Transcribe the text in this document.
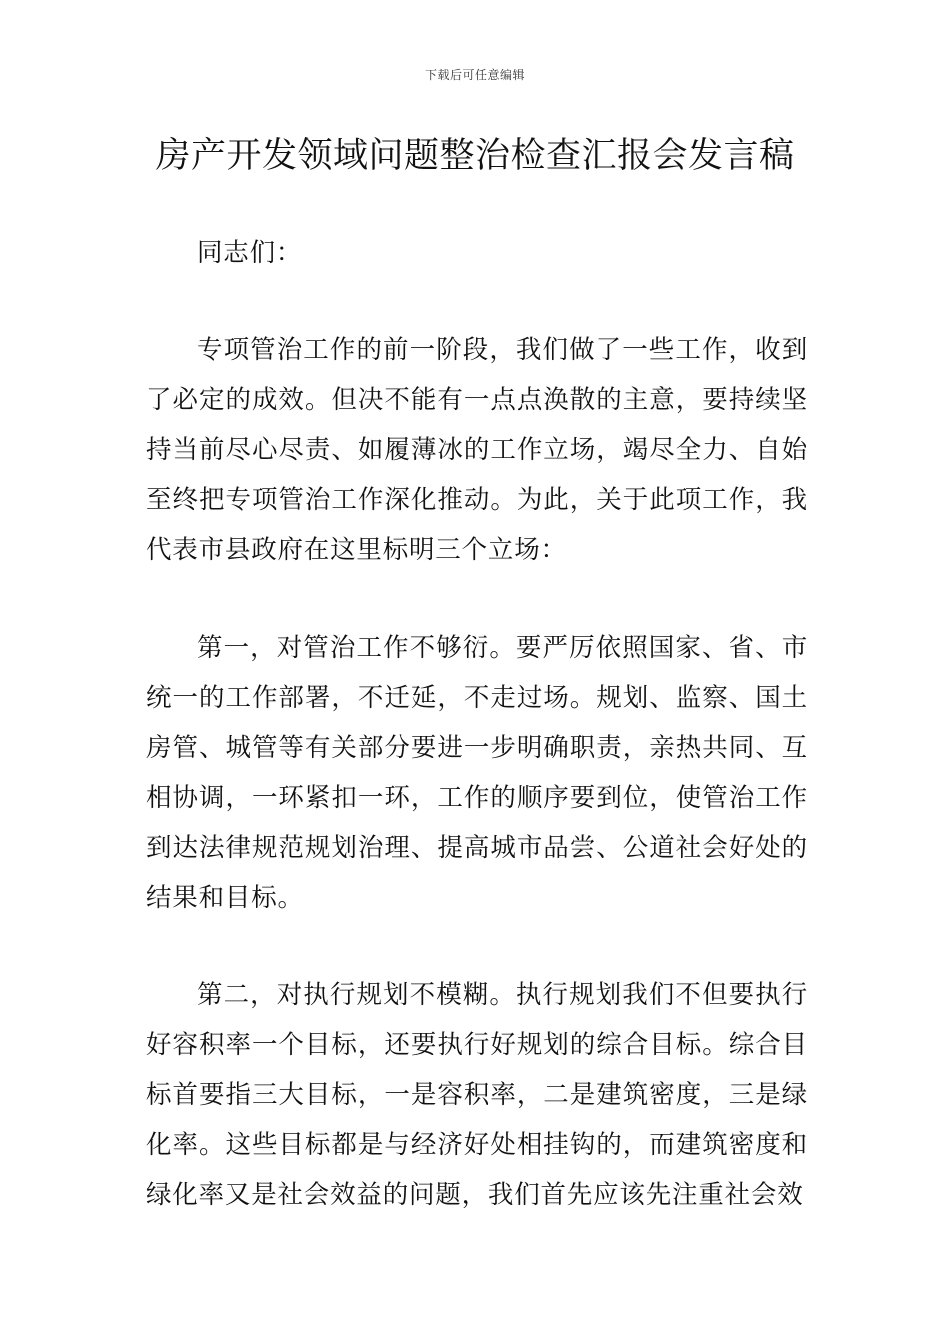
下载后可任意编辑
房产开发领域问题整治检查汇报会发言稿

同志们：

专项管治工作的前一阶段，我们做了一些工作，收到了必定的成效。但决不能有一点点涣散的主意，要持续坚持当前尽心尽责、如履薄冰的工作立场，竭尽全力、自始至终把专项管治工作深化推动。为此，关于此项工作，我代表市县政府在这里标明三个立场：

第一，对管治工作不够衍。要严厉依照国家、省、市统一的工作部署，不迁延，不走过场。规划、监察、国土房管、城管等有关部分要进一步明确职责，亲热共同、互相协调，一环紧扣一环，工作的顺序要到位，使管治工作到达法律规范规划治理、提高城市品尝、公道社会好处的结果和目标。

第二，对执行规划不模糊。执行规划我们不但要执行好容积率一个目标，还要执行好规划的综合目标。综合目标首要指三大目标，一是容积率，二是建筑密度，三是绿化率。这些目标都是与经济好处相挂钩的，而建筑密度和绿化率又是社会效益的问题，我们首先应该先注重社会效
